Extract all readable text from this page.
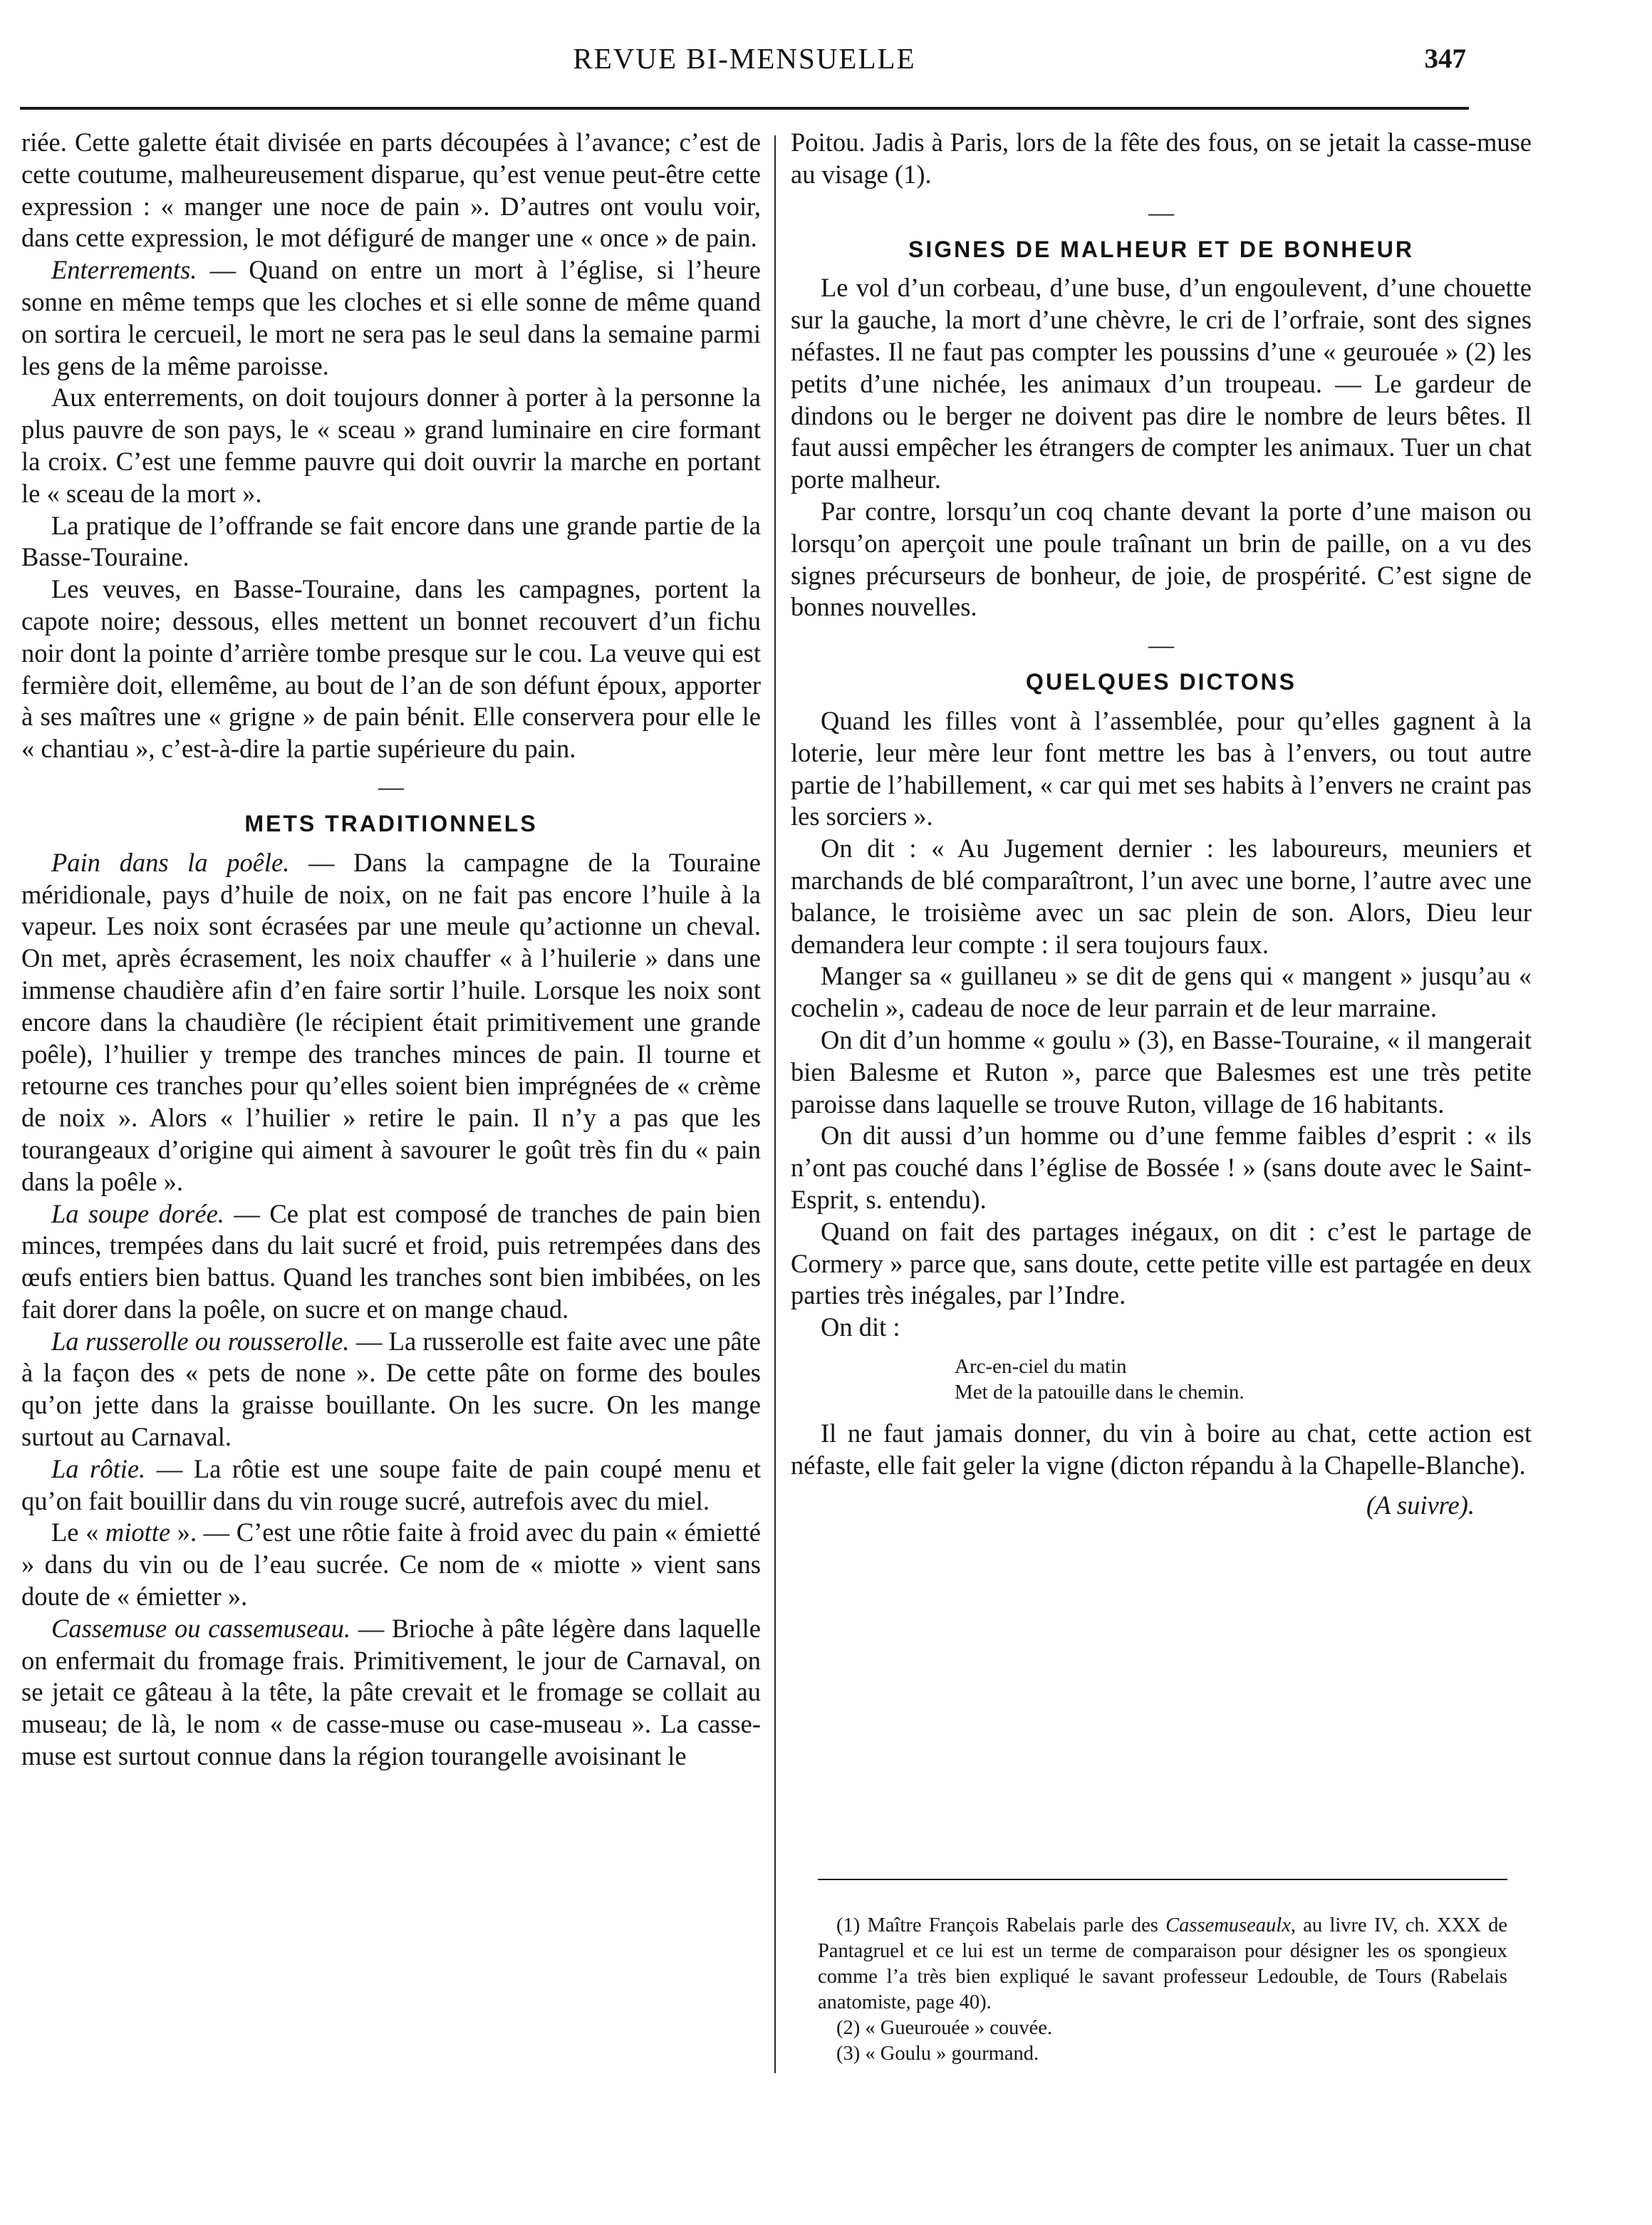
REVUE BI-MENSUELLE	347

riée. Cette galette était divisée en parts découpées à l’avance; c’est de cette coutume, malheureusement disparue, qu’est venue peut-être cette expression : « manger une noce de pain ». D’autres ont voulu voir, dans cette expression, le mot défiguré de manger une « once » de pain.

Enterrements. — Quand on entre un mort à l’église, si l’heure sonne en même temps que les cloches et si elle sonne de même quand on sortira le cercueil, le mort ne sera pas le seul dans la semaine parmi les gens de la même paroisse.

Aux enterrements, on doit toujours donner à porter à la personne la plus pauvre de son pays, le « sceau » grand luminaire en cire formant la croix. C’est une femme pauvre qui doit ouvrir la marche en portant le « sceau de la mort ».

La pratique de l’offrande se fait encore dans une grande partie de la Basse-Touraine.

Les veuves, en Basse-Touraine, dans les campagnes, portent la capote noire; dessous, elles mettent un bonnet recouvert d’un fichu noir dont la pointe d’arrière tombe presque sur le cou. La veuve qui est fermière doit, ellemême, au bout de l’an de son défunt époux, apporter à ses maîtres une « grigne » de pain bénit. Elle conservera pour elle le « chantiau », c’est-à-dire la partie supérieure du pain.

—
METS TRADITIONNELS

Pain dans la poêle. — Dans la campagne de la Touraine méridionale, pays d’huile de noix, on ne fait pas encore l’huile à la vapeur. Les noix sont écrasées par une meule qu’actionne un cheval. On met, après écrasement, les noix chauffer « à l’huilerie » dans une immense chaudière afin d’en faire sortir l’huile. Lorsque les noix sont encore dans la chaudière (le récipient était primitivement une grande poêle), l’huilier y trempe des tranches minces de pain. Il tourne et retourne ces tranches pour qu’elles soient bien imprégnées de « crème de noix ». Alors « l’huilier » retire le pain. Il n’y a pas que les tourangeaux d’origine qui aiment à savourer le goût très fin du « pain dans la poêle ».

La soupe dorée. — Ce plat est composé de tranches de pain bien minces, trempées dans du lait sucré et froid, puis retrempées dans des œufs entiers bien battus. Quand les tranches sont bien imbibées, on les fait dorer dans la poêle, on sucre et on mange chaud.

La russerolle ou rousserolle. — La russerolle est faite avec une pâte à la façon des « pets de none ». De cette pâte on forme des boules qu’on jette dans la graisse bouillante. On les sucre. On les mange surtout au Carnaval.

La rôtie. — La rôtie est une soupe faite de pain coupé menu et qu’on fait bouillir dans du vin rouge sucré, autrefois avec du miel.

Le « miotte ». — C’est une rôtie faite à froid avec du pain « émietté » dans du vin ou de l’eau sucrée. Ce nom de « miotte » vient sans doute de « émietter ».

Cassemuse ou cassemuseau. — Brioche à pâte légère dans laquelle on enfermait du fromage frais. Primitivement, le jour de Carnaval, on se jetait ce gâteau à la tête, la pâte crevait et le fromage se collait au museau; de là, le nom « de casse-muse ou case-museau ». La casse-muse est surtout connue dans la région tourangelle avoisinant le

Poitou. Jadis à Paris, lors de la fête des fous, on se jetait la casse-muse au visage (1).

—
SIGNES DE MALHEUR ET DE BONHEUR

Le vol d’un corbeau, d’une buse, d’un engoulevent, d’une chouette sur la gauche, la mort d’une chèvre, le cri de l’orfraie, sont des signes néfastes. Il ne faut pas compter les poussins d’une « geurouée » (2) les petits d’une nichée, les animaux d’un troupeau. — Le gardeur de dindons ou le berger ne doivent pas dire le nombre de leurs bêtes. Il faut aussi empêcher les étrangers de compter les animaux. Tuer un chat porte malheur.

Par contre, lorsqu’un coq chante devant la porte d’une maison ou lorsqu’on aperçoit une poule traînant un brin de paille, on a vu des signes précurseurs de bonheur, de joie, de prospérité. C’est signe de bonnes nouvelles.

—
QUELQUES DICTONS

Quand les filles vont à l’assemblée, pour qu’elles gagnent à la loterie, leur mère leur font mettre les bas à l’envers, ou tout autre partie de l’habillement, « car qui met ses habits à l’envers ne craint pas les sorciers ».

On dit : « Au Jugement dernier : les laboureurs, meuniers et marchands de blé comparaîtront, l’un avec une borne, l’autre avec une balance, le troisième avec un sac plein de son. Alors, Dieu leur demandera leur compte : il sera toujours faux.

Manger sa « guillaneu » se dit de gens qui « mangent » jusqu’au « cochelin », cadeau de noce de leur parrain et de leur marraine.

On dit d’un homme « goulu » (3), en Basse-Touraine, « il mangerait bien Balesme et Ruton », parce que Balesmes est une très petite paroisse dans laquelle se trouve Ruton, village de 16 habitants.

On dit aussi d’un homme ou d’une femme faibles d’esprit : « ils n’ont pas couché dans l’église de Bossée ! » (sans doute avec le Saint-Esprit, s. entendu).

Quand on fait des partages inégaux, on dit : c’est le partage de Cormery » parce que, sans doute, cette petite ville est partagée en deux parties très inégales, par l’Indre.

On dit :

Arc-en-ciel du matin
Met de la patouille dans le chemin.

Il ne faut jamais donner, du vin à boire au chat, cette action est néfaste, elle fait geler la vigne (dicton répandu à la Chapelle-Blanche).

(A suivre).

(1) Maître François Rabelais parle des Cassemuseaulx, au livre IV, ch. XXX de Pantagruel et ce lui est un terme de comparaison pour désigner les os spongieux comme l’a très bien expliqué le savant professeur Ledouble, de Tours (Rabelais anatomiste, page 40).

(2) « Gueurouée » couvée.

(3) « Goulu » gourmand.
